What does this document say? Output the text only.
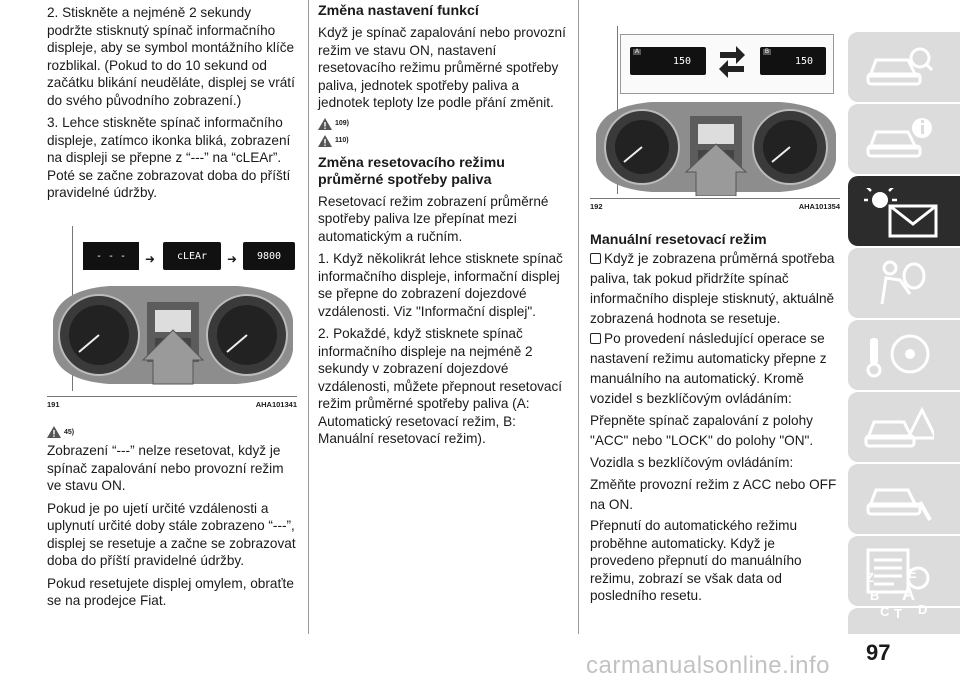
2. Stiskněte a nejméně 2 sekundy podržte stisknutý spínač informačního displeje, aby se symbol montážního klíče rozblikal. (Pokud to do 10 sekund od začátku blikání neuděláte, displej se vrátí do svého původního zobrazení.)

3. Lehce stiskněte spínač informačního displeje, zatímco ikonka bliká, zobrazení na displeji se přepne z “---” na “cLEAr”. Poté se začne zobrazovat doba do příští pravidelné údržby.

- - -	➜	cLEAr	➜	9800
191	AHA101341
45)

Zobrazení “---” nelze resetovat, když je spínač zapalování nebo provozní režim ve stavu ON.

Pokud je po ujetí určité vzdálenosti a uplynutí určité doby stále zobrazeno “---”, displej se resetuje a začne se zobrazovat doba do příští pravidelné údržby.

Pokud resetujete displej omylem, obraťte se na prodejce Fiat.

Změna nastavení funkcí

Když je spínač zapalování nebo provozní režim ve stavu ON, nastavení resetovacího režimu průměrné spotřeby paliva, jednotek spotřeby paliva a jednotek teploty lze podle přání změnit.

109)
110)
Změna resetovacího režimu průměrné spotřeby paliva

Resetovací režim zobrazení průměrné spotřeby paliva lze přepínat mezi automatickým a ručním.

1. Když několikrát lehce stisknete spínač informačního displeje, informační displej se přepne do zobrazení dojezdové vzdálenosti. Viz "Informační displej".

2. Pokaždé, když stisknete spínač informačního displeje na nejméně 2 sekundy v zobrazení dojezdové vzdálenosti, můžete přepnout resetovací režim průměrné spotřeby paliva (A: Automatický resetovací režim, B: Manuální resetovací režim).

A
150
B
150
192	AHA101354
Manuální resetovací režim

Když je zobrazena průměrná spotřeba paliva, tak pokud přidržíte spínač informačního displeje stisknutý, aktuálně zobrazená hodnota se resetuje.

Po provedení následující operace se nastavení režimu automaticky přepne z manuálního na automatický. Kromě

vozidel s bezklíčovým ovládáním:

Přepněte spínač zapalování z polohy "ACC" nebo "LOCK" do polohy "ON".

Vozidla s bezklíčovým ovládáním:

Změňte provozní režim z ACC nebo OFF na ON.

Přepnutí do automatického režimu proběhne automaticky. Když je provedeno přepnutí do manuálního režimu, zobrazí se však data od posledního resetu.

Z	E
B A
C T D
97
carmanualsonline.info
